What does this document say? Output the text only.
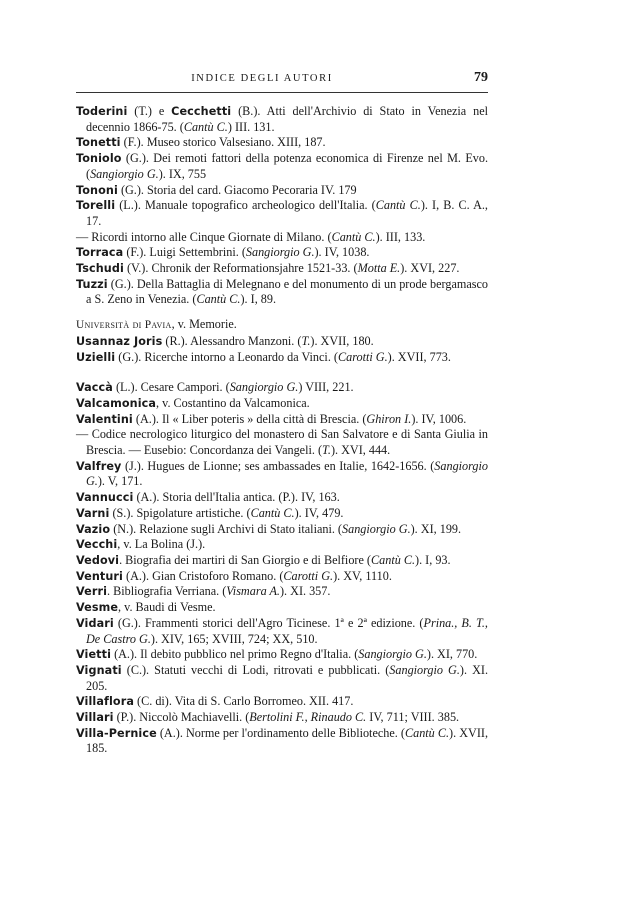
INDICE DEGLI AUTORI	79

Toderini (T.) e Cecchetti (B.). Atti dell'Archivio di Stato in Venezia nel decennio 1866-75. (Cantù C.) III. 131.

Tonetti (F.). Museo storico Valsesiano. XIII, 187.

Toniolo (G.). Dei remoti fattori della potenza economica di Firenze nel M. Evo. (Sangiorgio G.). IX, 755

Tononi (G.). Storia del card. Giacomo Pecoraria IV. 179

Torelli (L.). Manuale topografico archeologico dell'Italia. (Cantù C.). I, B. C. A., 17.

— Ricordi intorno alle Cinque Giornate di Milano. (Cantù C.). III, 133.

Torraca (F.). Luigi Settembrini. (Sangiorgio G.). IV, 1038.

Tschudi (V.). Chronik der Reformationsjahre 1521-33. (Motta E.). XVI, 227.

Tuzzi (G.). Della Battaglia di Melegnano e del monumento di un prode bergamasco a S. Zeno in Venezia. (Cantù C.). I, 89.

Università di Pavia, v. Memorie.

Usannaz Joris (R.). Alessandro Manzoni. (T.). XVII, 180.

Uzielli (G.). Ricerche intorno a Leonardo da Vinci. (Carotti G.). XVII, 773.

Vaccà (L.). Cesare Campori. (Sangiorgio G.) VIII, 221.

Valcamonica, v. Costantino da Valcamonica.

Valentini (A.). Il « Liber poteris » della città di Brescia. (Ghiron I.). IV, 1006.

— Codice necrologico liturgico del monastero di San Salvatore e di Santa Giulia in Brescia. — Eusebio: Concordanza dei Vangeli. (T.). XVI, 444.

Valfrey (J.). Hugues de Lionne; ses ambassades en Italie, 1642-1656. (Sangiorgio G.). V, 171.

Vannucci (A.). Storia dell'Italia antica. (P.). IV, 163.

Varni (S.). Spigolature artistiche. (Cantù C.). IV, 479.

Vazio (N.). Relazione sugli Archivi di Stato italiani. (Sangiorgio G.). XI, 199.

Vecchi, v. La Bolina (J.).

Vedovi. Biografia dei martiri di San Giorgio e di Belfiore (Cantù C.). I, 93.

Venturi (A.). Gian Cristoforo Romano. (Carotti G.). XV, 1110.

Verri. Bibliografia Verriana. (Vismara A.). XI. 357.

Vesme, v. Baudi di Vesme.

Vidari (G.). Frammenti storici dell'Agro Ticinese. 1ª e 2ª edizione. (Prina., B. T., De Castro G.). XIV, 165; XVIII, 724; XX, 510.

Vietti (A.). Il debito pubblico nel primo Regno d'Italia. (Sangiorgio G.). XI, 770.

Vignati (C.). Statuti vecchi di Lodi, ritrovati e pubblicati. (Sangiorgio G.). XI. 205.

Villaflora (C. di). Vita di S. Carlo Borromeo. XII. 417.

Villari (P.). Niccolò Machiavelli. (Bertolini F., Rinaudo C. IV, 711; VIII. 385.

Villa-Pernice (A.). Norme per l'ordinamento delle Biblioteche. (Cantù C.). XVII, 185.
